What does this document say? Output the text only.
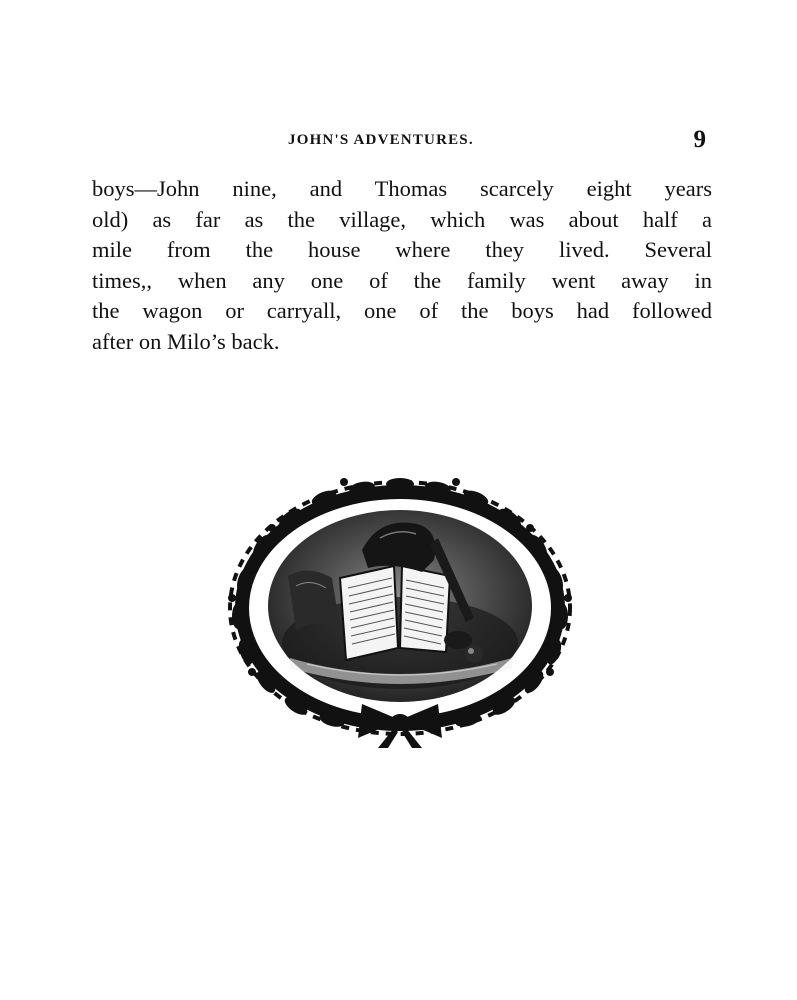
JOHN'S ADVENTURES.	9
boys—John nine, and Thomas scarcely eight years
old) as far as the village, which was about half a
mile from the house where they lived. Several
times,, when any one of the family went away in
the wagon or carryall, one of the boys had followed
after on Milo’s back.
